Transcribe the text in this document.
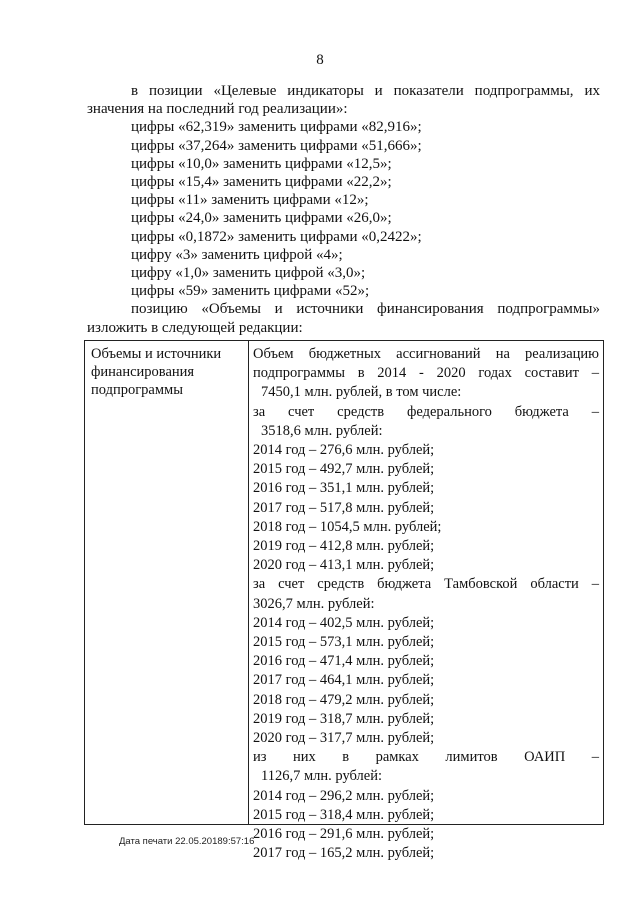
8

в позиции «Целевые индикаторы и показатели подпрограммы, их

значения на последний год реализации»:

цифры «62,319» заменить цифрами «82,916»;

цифры «37,264» заменить цифрами «51,666»;

цифры «10,0» заменить цифрами «12,5»;

цифры «15,4» заменить цифрами «22,2»;

цифры «11» заменить цифрами «12»;

цифры «24,0» заменить цифрами «26,0»;

цифры «0,1872» заменить цифрами «0,2422»;

цифру «3» заменить цифрой «4»;

цифру «1,0» заменить цифрой «3,0»;

цифры «59» заменить цифрами «52»;

позицию «Объемы и источники финансирования подпрограммы»

изложить в следующей редакции:

Объемы и источники
финансирования
подпрограммы

Объем бюджетных ассигнований на реализацию

подпрограммы в 2014 - 2020 годах составит –

7450,1 млн. рублей, в том числе:

за счет средств федерального бюджета –

3518,6 млн. рублей:

2014 год – 276,6 млн. рублей;

2015 год – 492,7 млн. рублей;

2016 год – 351,1 млн. рублей;

2017 год – 517,8 млн. рублей;

2018 год – 1054,5 млн. рублей;

2019 год – 412,8 млн. рублей;

2020 год – 413,1 млн. рублей;

за счет средств бюджета Тамбовской области –

3026,7 млн. рублей:

2014 год – 402,5 млн. рублей;

2015 год – 573,1 млн. рублей;

2016 год – 471,4 млн. рублей;

2017 год – 464,1 млн. рублей;

2018 год – 479,2 млн. рублей;

2019 год – 318,7 млн. рублей;

2020 год – 317,7 млн. рублей;

из них в рамках лимитов ОАИП –

1126,7 млн. рублей:

2014 год – 296,2 млн. рублей;

2015 год – 318,4 млн. рублей;

2016 год – 291,6 млн. рублей;

2017 год – 165,2 млн. рублей;

Дата печати 22.05.20189:57:16
